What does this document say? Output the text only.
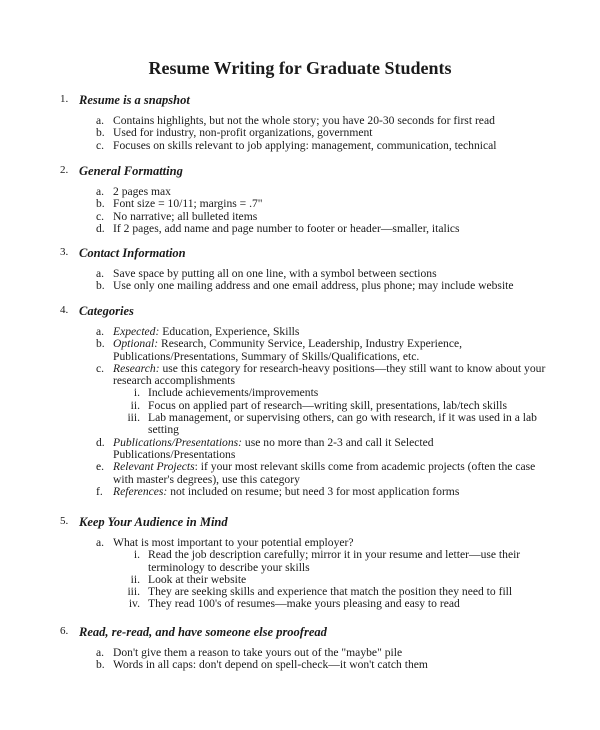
Resume Writing for Graduate Students
1. Resume is a snapshot
a. Contains highlights, but not the whole story; you have 20-30 seconds for first read
b. Used for industry, non-profit organizations, government
c. Focuses on skills relevant to job applying: management, communication, technical
2. General Formatting
a. 2 pages max
b. Font size = 10/11; margins = .7"
c. No narrative; all bulleted items
d. If 2 pages, add name and page number to footer or header—smaller, italics
3. Contact Information
a. Save space by putting all on one line, with a symbol between sections
b. Use only one mailing address and one email address, plus phone; may include website
4. Categories
a. Expected: Education, Experience, Skills
b. Optional: Research, Community Service, Leadership, Industry Experience, Publications/Presentations, Summary of Skills/Qualifications, etc.
c. Research: use this category for research-heavy positions—they still want to know about your research accomplishments
i. Include achievements/improvements
ii. Focus on applied part of research—writing skill, presentations, lab/tech skills
iii. Lab management, or supervising others, can go with research, if it was used in a lab setting
d. Publications/Presentations: use no more than 2-3 and call it Selected Publications/Presentations
e. Relevant Projects: if your most relevant skills come from academic projects (often the case with master's degrees), use this category
f. References: not included on resume; but need 3 for most application forms
5. Keep Your Audience in Mind
a. What is most important to your potential employer?
i. Read the job description carefully; mirror it in your resume and letter—use their terminology to describe your skills
ii. Look at their website
iii. They are seeking skills and experience that match the position they need to fill
iv. They read 100's of resumes—make yours pleasing and easy to read
6. Read, re-read, and have someone else proofread
a. Don't give them a reason to take yours out of the "maybe" pile
b. Words in all caps: don't depend on spell-check—it won't catch them
